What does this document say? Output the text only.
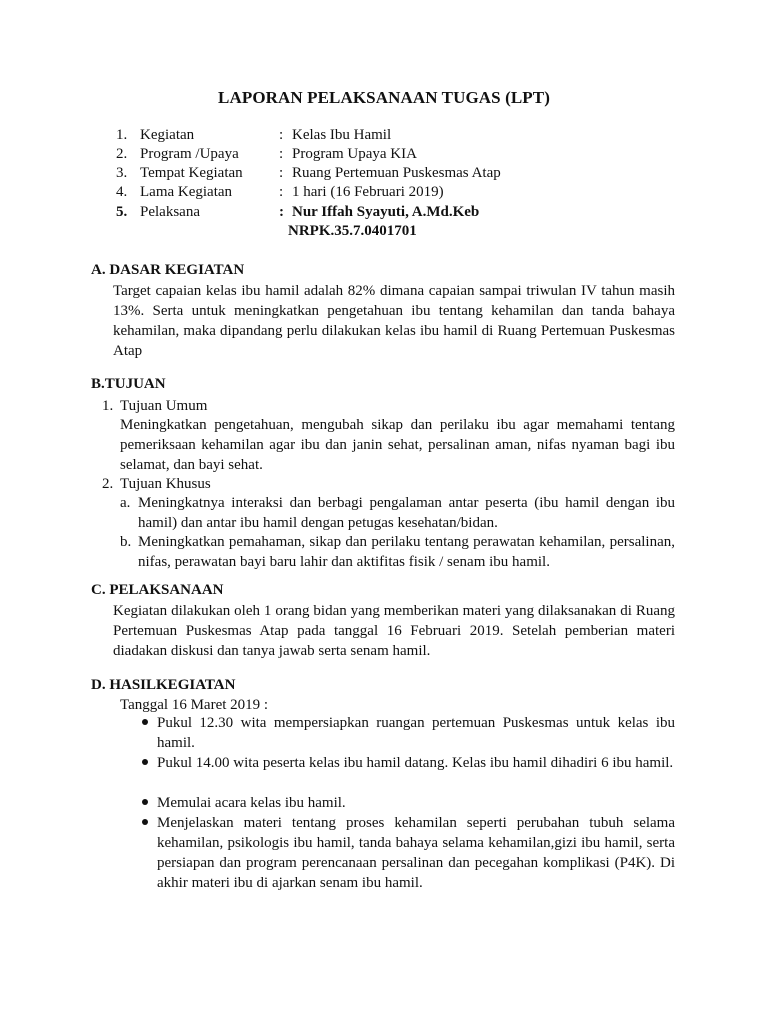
LAPORAN PELAKSANAAN TUGAS (LPT)
1. Kegiatan	: Kelas Ibu Hamil
2. Program /Upaya	: Program Upaya KIA
3. Tempat Kegiatan : Ruang Pertemuan Puskesmas Atap
4. Lama Kegiatan	: 1 hari (16 Februari 2019)
5. Pelaksana	: Nur Iffah Syayuti, A.Md.Keb
NRPK.35.7.0401701
A. DASAR KEGIATAN
Target capaian kelas ibu hamil adalah 82% dimana capaian sampai triwulan IV tahun masih 13%. Serta untuk meningkatkan pengetahuan ibu tentang kehamilan dan tanda bahaya kehamilan, maka dipandang perlu dilakukan kelas ibu hamil di Ruang Pertemuan Puskesmas Atap
B.TUJUAN
1. Tujuan Umum
Meningkatkan pengetahuan, mengubah sikap dan perilaku ibu agar memahami tentang pemeriksaan kehamilan agar ibu dan janin sehat, persalinan aman, nifas nyaman bagi ibu selamat, dan bayi sehat.
2. Tujuan Khusus
a. Meningkatnya interaksi dan berbagi pengalaman antar peserta (ibu hamil dengan ibu hamil) dan antar ibu hamil dengan petugas kesehatan/bidan.
b. Meningkatkan pemahaman, sikap dan perilaku tentang perawatan kehamilan, persalinan, nifas, perawatan bayi baru lahir dan aktifitas fisik / senam ibu hamil.
C. PELAKSANAAN
Kegiatan dilakukan oleh 1 orang bidan yang memberikan materi yang dilaksanakan di Ruang Pertemuan Puskesmas Atap pada tanggal 16 Februari 2019. Setelah pemberian materi diadakan diskusi dan tanya jawab serta senam hamil.
D. HASILKEGIATAN
Tanggal 16 Maret 2019 :
Pukul 12.30 wita mempersiapkan ruangan pertemuan Puskesmas untuk kelas ibu hamil.
Pukul 14.00 wita peserta kelas ibu hamil datang. Kelas ibu hamil dihadiri 6 ibu hamil.
Memulai acara kelas ibu hamil.
Menjelaskan materi tentang proses kehamilan seperti perubahan tubuh selama kehamilan, psikologis ibu hamil, tanda bahaya selama kehamilan,gizi ibu hamil, serta persiapan dan program perencanaan persalinan dan pecegahan komplikasi (P4K). Di akhir materi ibu di ajarkan senam ibu hamil.
